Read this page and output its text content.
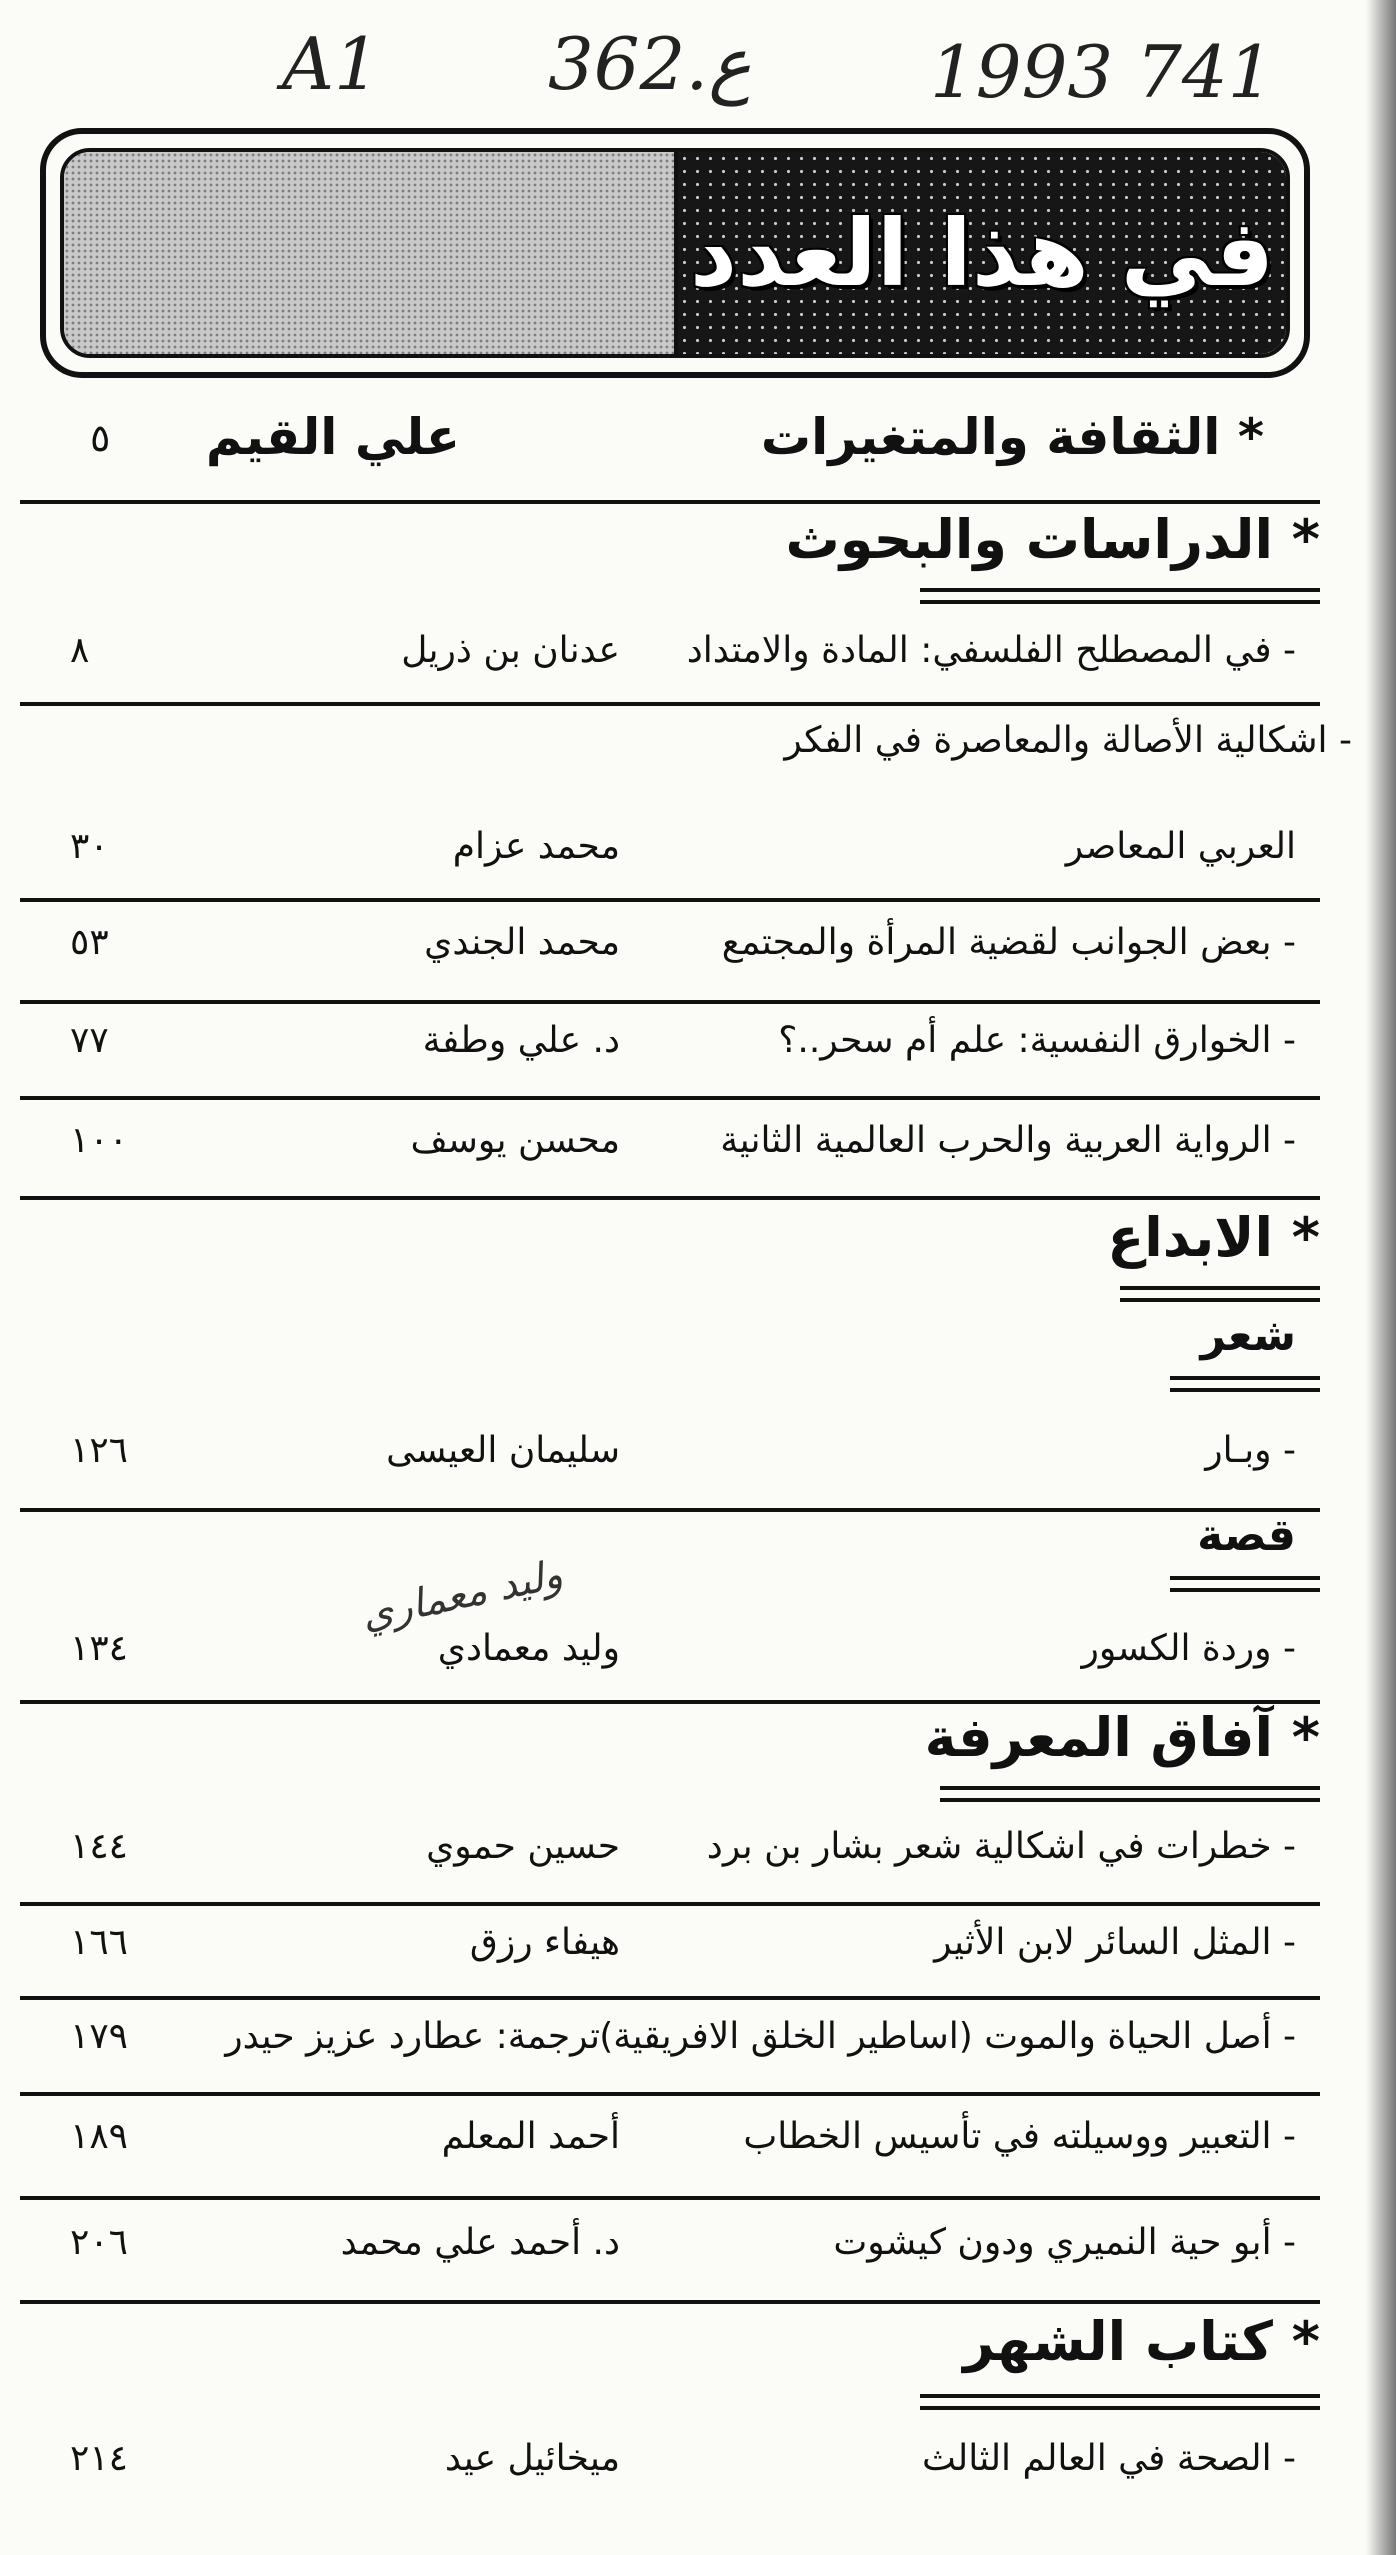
A1 362.ع 1993 741
في هذا العدد
* الثقافة والمتغيرات
علي القيم
٥
* الدراسات والبحوث
- في المصطلح الفلسفي: المادة والامتداد
عدنان بن ذريل
٨
- اشكالية الأصالة والمعاصرة في الفكر
العربي المعاصر
محمد عزام
٣٠
- بعض الجوانب لقضية المرأة والمجتمع
محمد الجندي
٥٣
- الخوارق النفسية: علم أم سحر..؟
د. علي وطفة
٧٧
- الرواية العربية والحرب العالمية الثانية
محسن يوسف
١٠٠
* الابداع
شعر
- وبـار
سليمان العيسى
١٢٦
قصة
وليد معماري
- وردة الكسور
وليد معمادي
١٣٤
* آفاق المعرفة
- خطرات في اشكالية شعر بشار بن برد
حسين حموي
١٤٤
- المثل السائر لابن الأثير
هيفاء رزق
١٦٦
- أصل الحياة والموت (اساطير الخلق الافريقية)
ترجمة: عطارد عزيز حيدر
١٧٩
- التعبير ووسيلته في تأسيس الخطاب
أحمد المعلم
١٨٩
- أبو حية النميري ودون كيشوت
د. أحمد علي محمد
٢٠٦
* كتاب الشهر
- الصحة في العالم الثالث
ميخائيل عيد
٢١٤
